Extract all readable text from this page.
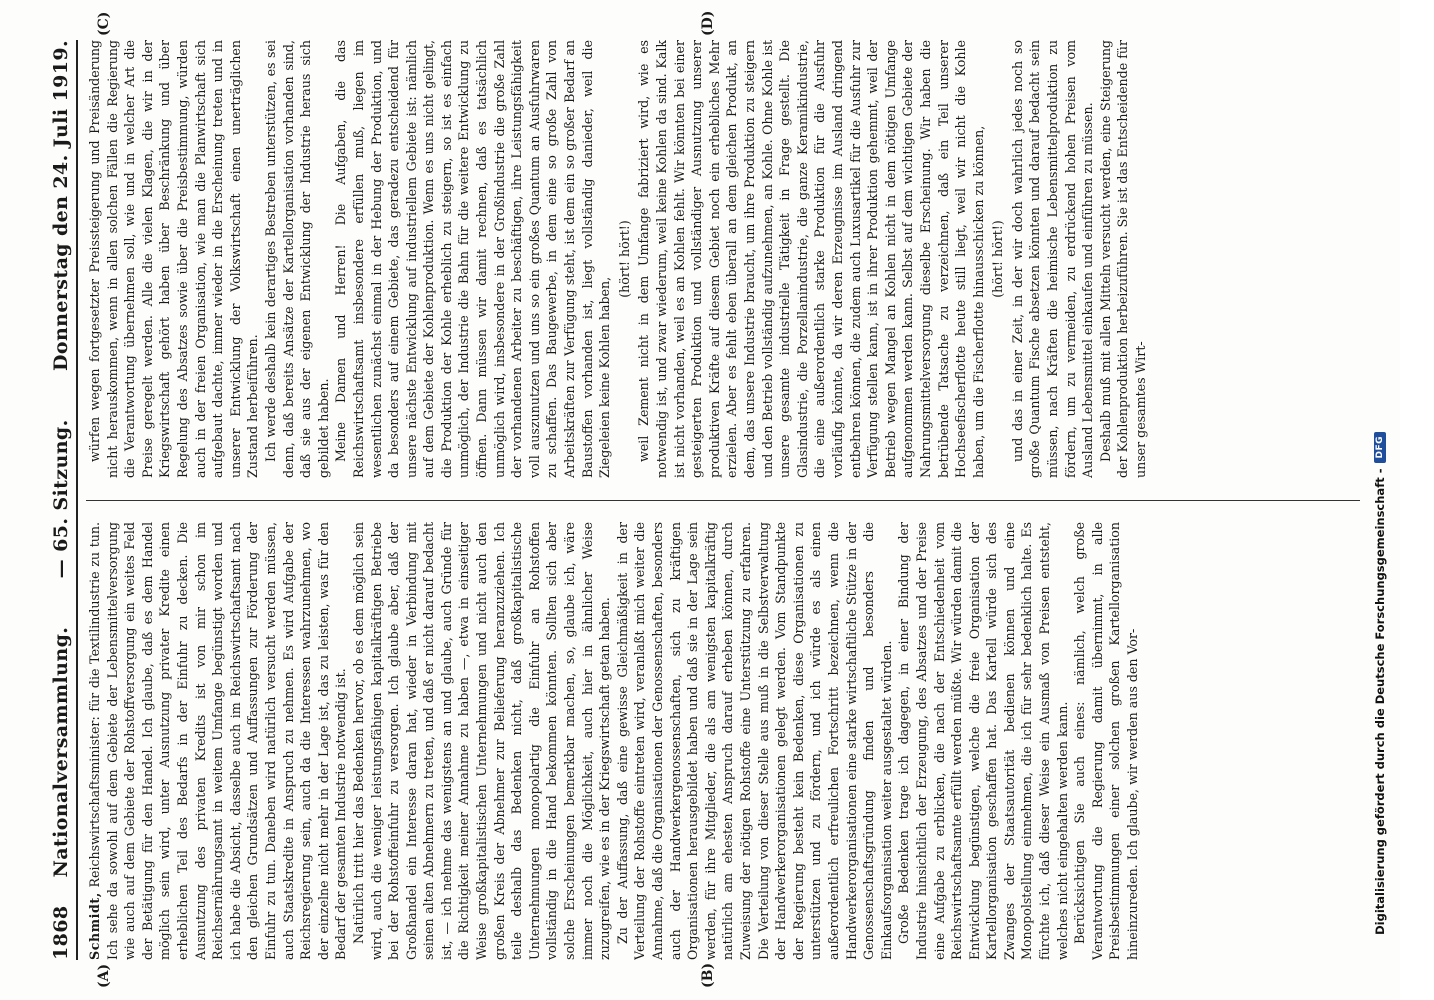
1868
Nationalversammlung.
— 65. Sitzung.
Donnerstag den 24. Juli 1919.
(A)	(B)
(C)	(D)

Schmidt, Reichswirtschaftsminister: für die Textilindustrie zu tun. Ich sehe da sowohl auf dem Gebiete der Lebensmittelversorgung wie auch auf dem Gebiete der Rohstoffversorgung ein weites Feld der Betätigung für den Handel. Ich glaube, daß es dem Handel möglich sein wird, unter Ausnutzung privater Kredite einen erheblichen Teil des Bedarfs in der Einfuhr zu decken. Die Ausnutzung des privaten Kredits ist von mir schon im Reichsernährungsamt in weitem Umfange begünstigt worden und ich habe die Absicht, dasselbe auch im Reichswirtschaftsamt nach den gleichen Grundsätzen und Auffassungen zur Förderung der Einfuhr zu tun. Daneben wird natürlich versucht werden müssen, auch Staatskredite in Anspruch zu nehmen. Es wird Aufgabe der Reichsregierung sein, auch da die Interessen wahrzunehmen, wo der einzelne nicht mehr in der Lage ist, das zu leisten, was für den Bedarf der gesamten Industrie notwendig ist. Natürlich tritt hier das Bedenken hervor, ob es dem möglich sein wird, auch die weniger leistungsfähigen kapitalkräftigen Betriebe bei der Rohstoffeinfuhr zu versorgen. Ich glaube aber, daß der Großhandel ein Interesse daran hat, wieder in Verbindung mit seinen alten Abnehmern zu treten, und daß er nicht darauf bedacht ist, — ich nehme das wenigstens an und glaube, auch Gründe für die Richtigkeit meiner Annahme zu haben —, etwa in einseitiger Weise großkapitalistischen Unternehmungen und nicht auch den großen Kreis der Abnehmer zur Belieferung heranzuziehen. Ich teile deshalb das Bedenken nicht, daß großkapitalistische Unternehmungen monopolartig die Einfuhr an Rohstoffen vollständig in die Hand bekommen könnten. Sollten sich aber solche Erscheinungen bemerkbar machen, so, glaube ich, wäre immer noch die Möglichkeit, auch hier in ähnlicher Weise zuzugreifen, wie es in der Kriegswirtschaft getan haben. Zu der Auffassung, daß eine gewisse Gleichmäßigkeit in der Verteilung der Rohstoffe eintreten wird, veranlaßt mich weiter die Annahme, daß die Organisationen der Genossenschaften, besonders auch der Handwerkergenossenschaften, sich zu kräftigen Organisationen herausgebildet haben und daß sie in der Lage sein werden, für ihre Mitglieder, die als am wenigsten kapitalkräftig natürlich am ehesten Anspruch darauf erheben können, durch Zuweisung der nötigen Rohstoffe eine Unterstützung zu erfahren. Die Verteilung von dieser Stelle aus muß in die Selbstverwaltung der Handwerkerorganisationen gelegt werden. Vom Standpunkte der Regierung besteht kein Bedenken, diese Organisationen zu unterstützen und zu fördern, und ich würde es als einen außerordentlich erfreulichen Fortschritt bezeichnen, wenn die Handwerkerorganisationen eine starke wirtschaftliche Stütze in der Genossenschaftsgründung finden und besonders die Einkaufsorganisation weiter ausgestaltet würden. Große Bedenken trage ich dagegen, in einer Bindung der Industrie hinsichtlich der Erzeugung, des Absatzes und der Preise eine Aufgabe zu erblicken, die nach der Entschiedenheit vom Reichswirtschaftsamte erfüllt werden müßte. Wir würden damit die Entwicklung begünstigen, welche die freie Organisation der Kartellorganisation geschaffen hat. Das Kartell würde sich des Zwanges der Staatsautorität bedienen können und eine Monopolstellung einnehmen, die ich für sehr bedenklich halte. Es fürchte ich, daß dieser Weise ein Ausmaß von Preisen entsteht, welches nicht eingehalten werden kann. Berücksichtigen Sie auch eines: nämlich, welch große Verantwortung die Regierung damit übernimmt, in alle Preisbestimmungen einer solchen großen Kartellorganisation hineinzureden. Ich glaube, wir werden aus den Vor-

würfen wegen fortgesetzter Preissteigerung und Preisänderung nicht herauskommen, wenn in allen solchen Fällen die Regierung die Verantwortung übernehmen soll, wie und in welcher Art die Preise geregelt werden. Alle die vielen Klagen, die wir in der Kriegswirtschaft gehört haben über Beschränkung und über Regelung des Absatzes sowie über die Preisbestimmung, würden auch in der freien Organisation, wie man die Planwirtschaft sich aufgebaut dachte, immer wieder in die Erscheinung treten und in unserer Entwicklung der Volkswirtschaft einen unerträglichen Zustand herbeiführen. Ich werde deshalb kein derartiges Bestreben unterstützen, es sei denn, daß bereits Ansätze der Kartellorganisation vorhanden sind, daß sie aus der eigenen Entwicklung der Industrie heraus sich gebildet haben. Meine Damen und Herren! Die Aufgaben, die das Reichswirtschaftsamt insbesondere erfüllen muß, liegen im wesentlichen zunächst einmal in der Hebung der Produktion, und da besonders auf einem Gebiete, das geradezu entscheidend für unsere nächste Entwicklung auf industriellem Gebiete ist: nämlich auf dem Gebiete der Kohlenproduktion. Wenn es uns nicht gelingt, die Produktion der Kohle erheblich zu steigern, so ist es einfach unmöglich, der Industrie die Bahn für die weitere Entwicklung zu öffnen. Dann müssen wir damit rechnen, daß es tatsächlich unmöglich wird, insbesondere in der Großindustrie die große Zahl der vorhandenen Arbeiter zu beschäftigen, ihre Leistungsfähigkeit voll auszunutzen und uns so ein großes Quantum an Ausfuhrwaren zu schaffen. Das Baugewerbe, in dem eine so große Zahl von Arbeitskräften zur Verfügung steht, ist dem ein so großer Bedarf an Baustoffen vorhanden ist, liegt vollständig danieder, weil die Ziegeleien keine Kohlen haben,

(hört! hört!) weil Zement nicht in dem Umfange fabriziert wird, wie es notwendig ist, und zwar wiederum, weil keine Kohlen da sind. Kalk ist nicht vorhanden, weil es an Kohlen fehlt. Wir könnten bei einer gesteigerten Produktion und vollständiger Ausnutzung unserer produktiven Kräfte auf diesem Gebiet noch ein erhebliches Mehr erzielen. Aber es fehlt eben überall an dem gleichen Produkt, an dem, das unsere Industrie braucht, um ihre Produktion zu steigern und den Betrieb vollständig aufzunehmen, an Kohle. Ohne Kohle ist unsere gesamte industrielle Tätigkeit in Frage gestellt. Die Glasindustrie, die Porzellanindustrie, die ganze Keramikindustrie, die eine außerordentlich starke Produktion für die Ausfuhr vorläufig könnte, da wir deren Erzeugnisse im Ausland dringend entbehren können, die zudem auch Luxusartikel für die Ausfuhr zur Verfügung stellen kann, ist in ihrer Produktion gehemmt, weil der Betrieb wegen Mangel an Kohlen nicht in dem nötigen Umfange aufgenommen werden kann. Selbst auf dem wichtigen Gebiete der Nahrungsmittelversorgung dieselbe Erscheinung. Wir haben die betrübende Tatsache zu verzeichnen, daß ein Teil unserer Hochseefischerflotte heute still liegt, weil wir nicht die Kohle haben, um die Fischerflotte hinausschicken zu können, (hört! hört!) und das in einer Zeit, in der wir doch wahrlich jedes noch so große Quantum Fische absetzen könnten und darauf bedacht sein müssen, nach Kräften die heimische Lebensmittelproduktion zu fördern, um zu vermeiden, zu erdrückend hohen Preisen vom Ausland Lebensmittel einkaufen und einführen zu müssen. Deshalb muß mit allen Mitteln versucht werden, eine Steigerung der Kohlenproduktion herbeizuführen. Sie ist das Entscheidende für unser gesamtes Wirt-

Digitalisierung gefördert durch die Deutsche Forschungsgemeinschaft -
DFG
